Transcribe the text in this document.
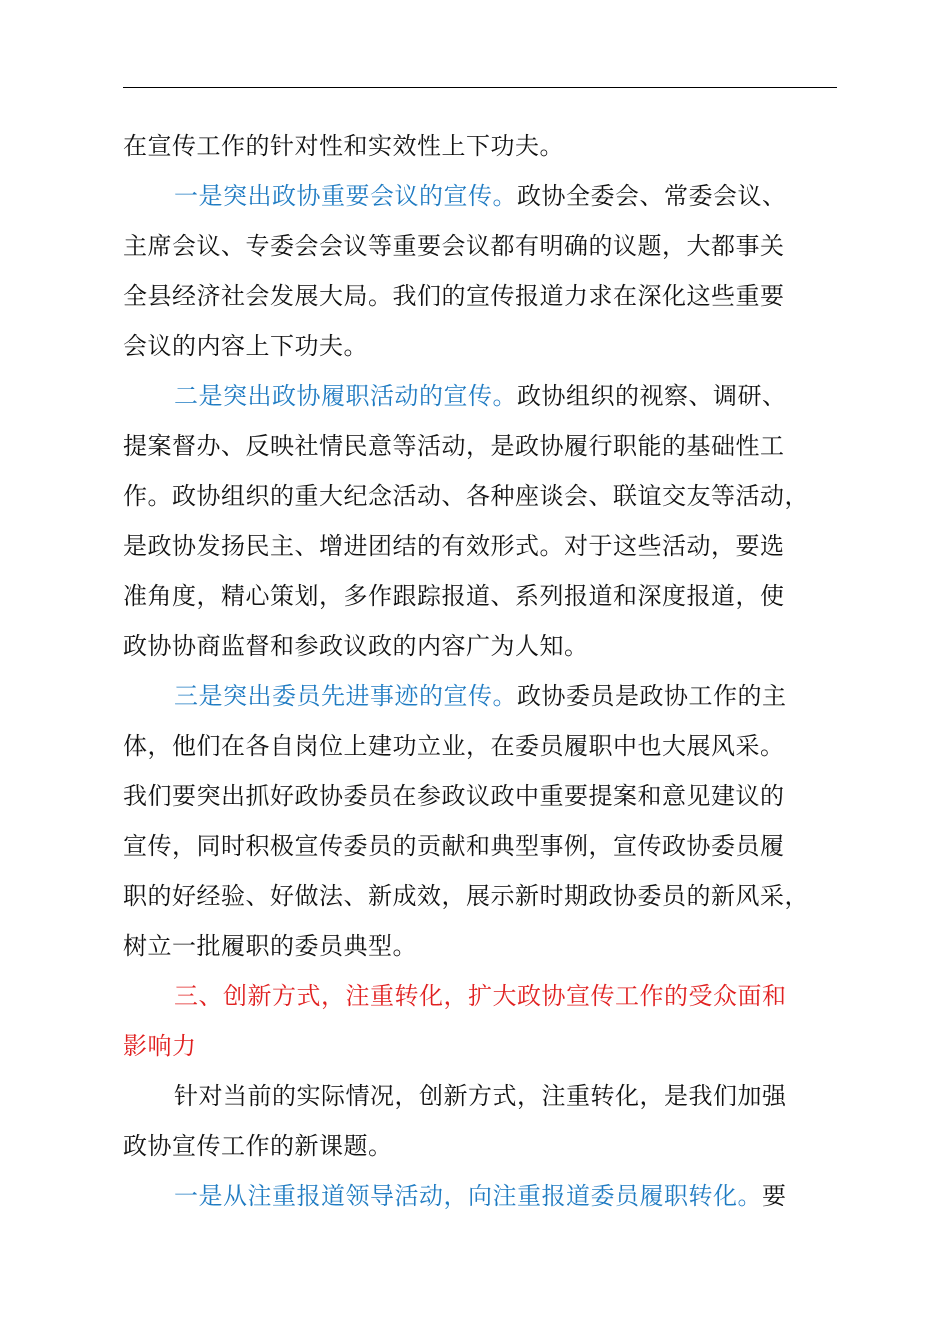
在宣传工作的针对性和实效性上下功夫。
一是突出政协重要会议的宣传。政协全委会、常委会议、
主席会议、专委会会议等重要会议都有明确的议题，大都事关
全县经济社会发展大局。我们的宣传报道力求在深化这些重要
会议的内容上下功夫。
二是突出政协履职活动的宣传。政协组织的视察、调研、
提案督办、反映社情民意等活动，是政协履行职能的基础性工
作。政协组织的重大纪念活动、各种座谈会、联谊交友等活动，
是政协发扬民主、增进团结的有效形式。对于这些活动，要选
准角度，精心策划，多作跟踪报道、系列报道和深度报道，使
政协协商监督和参政议政的内容广为人知。
三是突出委员先进事迹的宣传。政协委员是政协工作的主
体，他们在各自岗位上建功立业，在委员履职中也大展风采。
我们要突出抓好政协委员在参政议政中重要提案和意见建议的
宣传，同时积极宣传委员的贡献和典型事例，宣传政协委员履
职的好经验、好做法、新成效，展示新时期政协委员的新风采，
树立一批履职的委员典型。
三、创新方式，注重转化，扩大政协宣传工作的受众面和
影响力
针对当前的实际情况，创新方式，注重转化，是我们加强
政协宣传工作的新课题。
一是从注重报道领导活动，向注重报道委员履职转化。要
